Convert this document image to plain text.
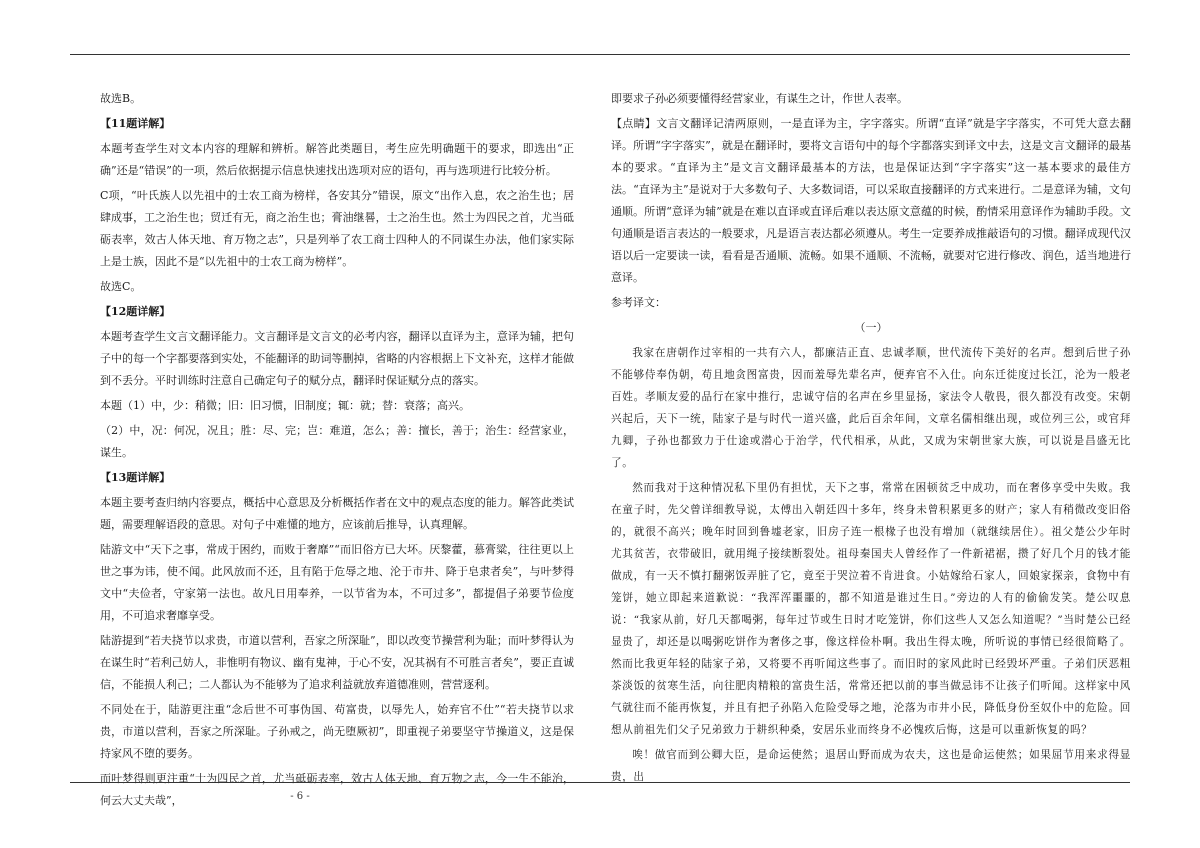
故选B。

【11题详解】

本题考查学生对文本内容的理解和辨析。解答此类题目，考生应先明确题干的要求，即选出“正确”还是“错误”的一项，然后依据提示信息快速找出选项对应的语句，再与选项进行比较分析。

C项，“叶氏族人以先祖中的士农工商为榜样，各安其分”错误，原文“出作入息，农之治生也；居肆成事，工之治生也；贸迁有无，商之治生也；膏油继晷，士之治生也。然士为四民之首，尤当砥砺表率，效古人体天地、育万物之志”，只是列举了农工商士四种人的不同谋生办法，他们家实际上是士族，因此不是“以先祖中的士农工商为榜样”。

故选C。

【12题详解】

本题考查学生文言文翻译能力。文言翻译是文言文的必考内容，翻译以直译为主，意译为辅，把句子中的每一个字都要落到实处，不能翻译的助词等删掉，省略的内容根据上下文补充，这样才能做到不丢分。平时训练时注意自己确定句子的赋分点，翻译时保证赋分点的落实。

本题（1）中，少：稍微；旧：旧习惯，旧制度；辄：就；替：衰落；高兴。

（2）中，况：何况，况且；胜：尽、完；岂：难道，怎么；善：擅长，善于；治生：经营家业，谋生。

【13题详解】

本题主要考查归纳内容要点，概括中心意思及分析概括作者在文中的观点态度的能力。解答此类试题，需要理解语段的意思。对句子中难懂的地方，应该前后推导，认真理解。

陆游文中“天下之事，常成于困约，而败于奢靡”“而旧俗方已大坏。厌黎藿，慕膏粱，往往更以上世之事为讳，使不闻。此风放而不还，且有陷于危辱之地、沦于市井、降于皂隶者矣”，与叶梦得文中“夫俭者，守家第一法也。故凡日用奉养，一以节省为本，不可过多”，都提倡子弟要节俭度用，不可追求奢靡享受。

陆游提到“若夫挠节以求贵，市道以营利，吾家之所深耻”，即以改变节操营利为耻；而叶梦得认为在谋生时“若利己妨人，非惟明有物议、幽有鬼神，于心不安，况其祸有不可胜言者矣”，要正直诚信，不能损人利己；二人都认为不能够为了追求利益就放弃道德准则，营营逐利。

不同处在于，陆游更注重“念后世不可事伪国、苟富贵，以辱先人，始弃官不仕”“若夫挠节以求贵，市道以营利，吾家之所深耻。子孙戒之，尚无堕厥初”，即重视子弟要坚守节操道义，这是保持家风不堕的要务。

而叶梦得则更注重“士为四民之首，尤当砥砺表率，效古人体天地、育万物之志，今一生不能治，何云大丈夫哉”，

即要求子孙必须要懂得经营家业，有谋生之计，作世人表率。

【点睛】文言文翻译记清两原则，一是直译为主，字字落实。所谓“直译”就是字字落实，不可凭大意去翻译。所谓“字字落实”，就是在翻译时，要将文言语句中的每个字都落实到译文中去，这是文言文翻译的最基本的要求。“直译为主”是文言文翻译最基本的方法，也是保证达到“字字落实”这一基本要求的最佳方法。“直译为主”是说对于大多数句子、大多数词语，可以采取直接翻译的方式来进行。二是意译为辅，文句通顺。所谓“意译为辅”就是在难以直译或直译后难以表达原文意蕴的时候，酌情采用意译作为辅助手段。文句通顺是语言表达的一般要求，凡是语言表达都必须遵从。考生一定要养成推敲语句的习惯。翻译成现代汉语以后一定要读一读，看看是否通顺、流畅。如果不通顺、不流畅，就要对它进行修改、润色，适当地进行意译。

参考译文：

（一）

我家在唐朝作过宰相的一共有六人，都廉洁正直、忠诚孝顺，世代流传下美好的名声。想到后世子孙不能够侍奉伪朝，苟且地贪图富贵，因而羞辱先辈名声，便弃官不入仕。向东迁徙度过长江，沦为一般老百姓。孝顺友爱的品行在家中推行，忠诚守信的名声在乡里显扬，家法令人敬畏，很久都没有改变。宋朝兴起后，天下一统，陆家子是与时代一道兴盛，此后百余年间，文章名儒相继出现，或位列三公，或官拜九卿，子孙也都致力于仕途或潜心于治学，代代相承，从此，又成为宋朝世家大族，可以说是昌盛无比了。

然而我对于这种情况私下里仍有担忧，天下之事，常常在困顿贫乏中成功，而在奢侈享受中失败。我在童子时，先父曾详细教导说，太傅出入朝廷四十多年，终身未曾积累更多的财产；家人有稍微改变旧俗的，就很不高兴；晚年时回到鲁墟老家，旧房子连一根椽子也没有增加（就继续居住）。祖父楚公少年时尤其贫苦，衣带破旧，就用绳子接续断裂处。祖母秦国夫人曾经作了一件新裙裾，攒了好几个月的钱才能做成，有一天不慎打翻粥饭弄脏了它，竟至于哭泣着不肯进食。小姑嫁给石家人，回娘家探亲，食物中有笼饼，她立即起来道歉说：“我浑浑噩噩的，都不知道是谁过生日。”旁边的人有的偷偷发笑。楚公叹息说：“我家从前，好几天都喝粥，每年过节或生日时才吃笼饼，你们这些人又怎么知道呢？”当时楚公已经显贵了，却还是以喝粥吃饼作为奢侈之事，像这样俭朴啊。我出生得太晚，所听说的事情已经很简略了。然而比我更年轻的陆家子弟，又将要不再听闻这些事了。而旧时的家风此时已经毁坏严重。子弟们厌恶粗茶淡饭的贫寒生活，向往肥肉精粮的富贵生活，常常还把以前的事当做忌讳不让孩子们听闻。这样家中风气就往而不能再恢复，并且有把子孙陷入危险受辱之地，沦落为市井小民，降低身份至奴仆中的危险。回想从前祖先们父子兄弟致力于耕织种桑，安居乐业而终身不必愧疚后悔，这是可以重新恢复的吗？

唉！做官而到公卿大臣，是命运使然；退居山野而成为农夫，这也是命运使然；如果屈节用来求得显贵，出

- 6 -
